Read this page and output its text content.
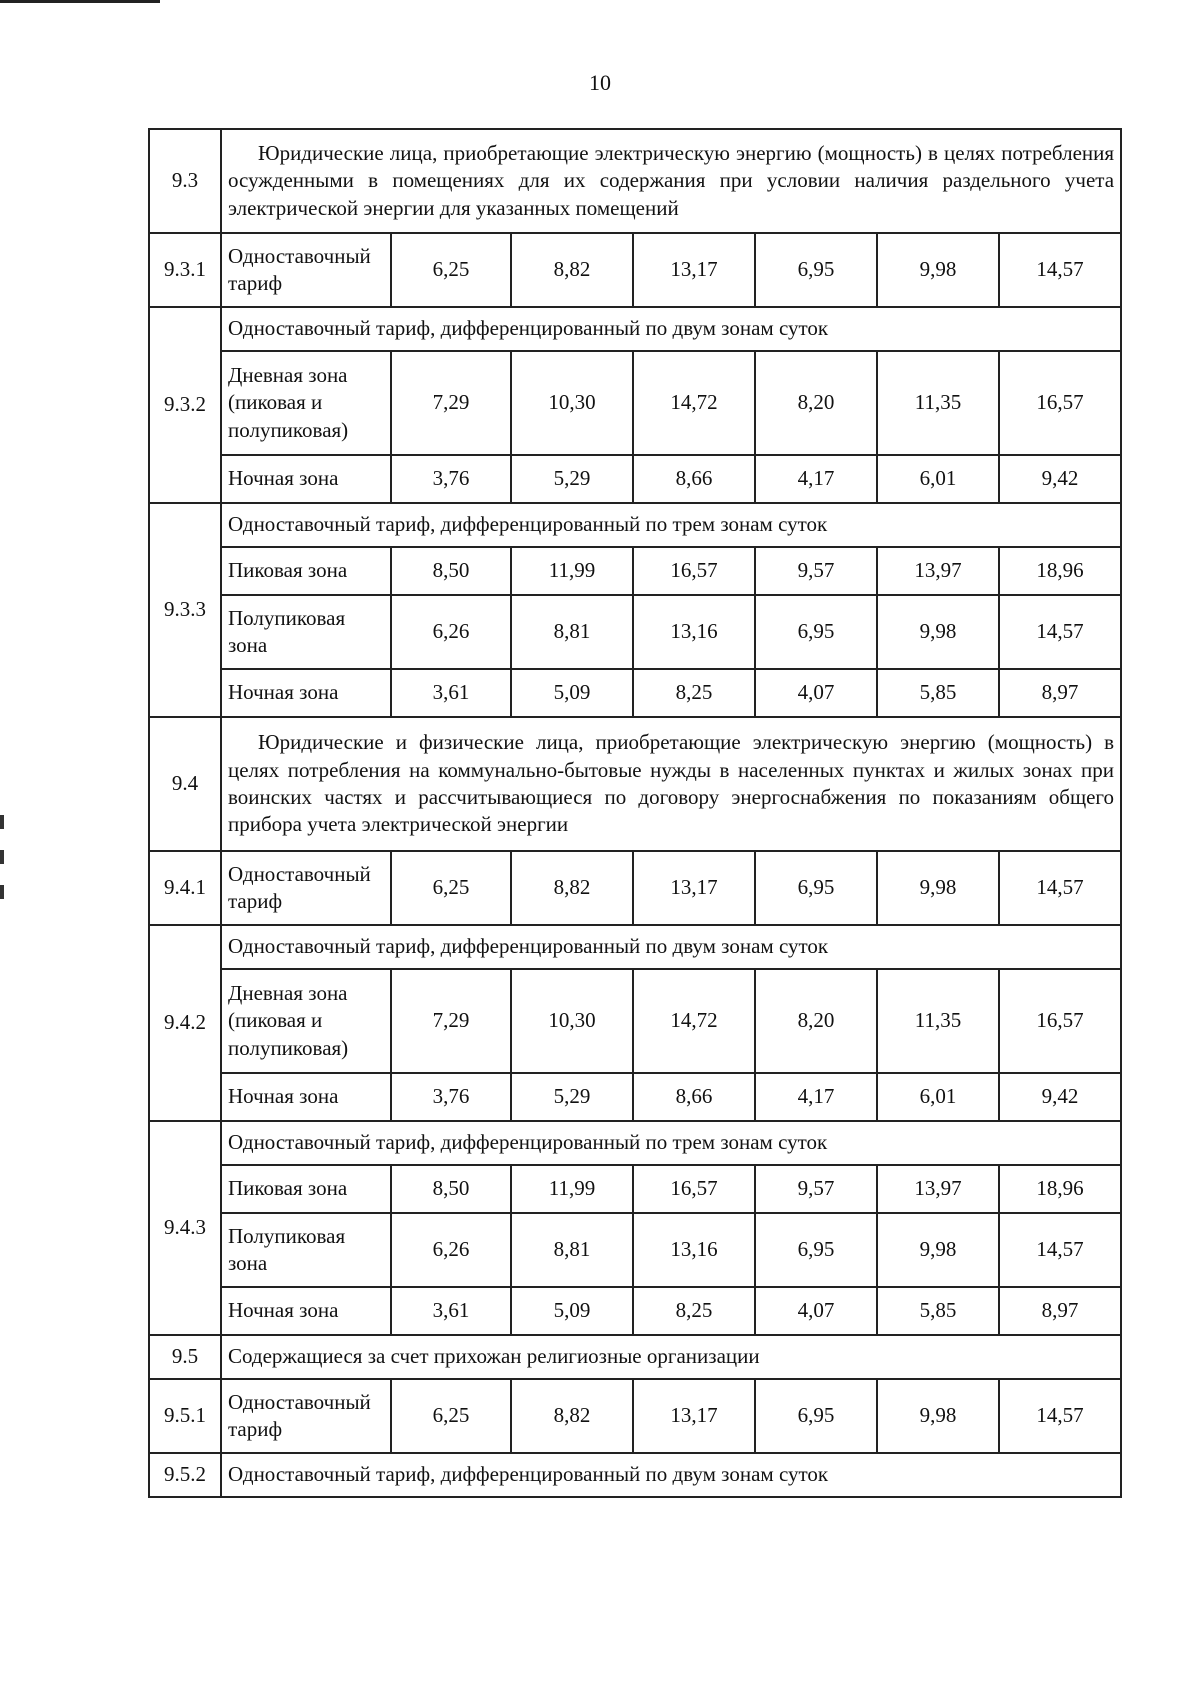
10
9.3	Юридические лица, приобретающие электрическую энергию (мощность) в целях потребления осужденными в помещениях для их содержания при условии наличия раздельного учета электрической энергии для указанных помещений						

9.3.1	Одноставочный тариф	6,25	8,82	13,17	6,95	9,98	14,57
9.3.2	Одноставочный тариф, дифференцированный по двум зонам суток						
	Дневная зона (пиковая и полупиковая)	7,29	10,30	14,72	8,20	11,35	16,57
	Ночная зона	3,76	5,29	8,66	4,17	6,01	9,42
9.3.3	Одноставочный тариф, дифференцированный по трем зонам суток						
	Пиковая зона	8,50	11,99	16,57	9,57	13,97	18,96
	Полупиковая зона	6,26	8,81	13,16	6,95	9,98	14,57
	Ночная зона	3,61	5,09	8,25	4,07	5,85	8,97
9.4	Юридические и физические лица, приобретающие электрическую энергию (мощность) в целях потребления на коммунально-бытовые нужды в населенных пунктах и жилых зонах при воинских частях и рассчитывающиеся по договору энергоснабжения по показаниям общего прибора учета электрической энергии						

9.4.1	Одноставочный тариф	6,25	8,82	13,17	6,95	9,98	14,57
9.4.2	Одноставочный тариф, дифференцированный по двум зонам суток						
	Дневная зона (пиковая и полупиковая)	7,29	10,30	14,72	8,20	11,35	16,57
	Ночная зона	3,76	5,29	8,66	4,17	6,01	9,42
9.4.3	Одноставочный тариф, дифференцированный по трем зонам суток						
	Пиковая зона	8,50	11,99	16,57	9,57	13,97	18,96
	Полупиковая зона	6,26	8,81	13,16	6,95	9,98	14,57
	Ночная зона	3,61	5,09	8,25	4,07	5,85	8,97
9.5	Содержащиеся за счет прихожан религиозные организации						
9.5.1	Одноставочный тариф	6,25	8,82	13,17	6,95	9,98	14,57
9.5.2	Одноставочный тариф, дифференцированный по двум зонам суток						
